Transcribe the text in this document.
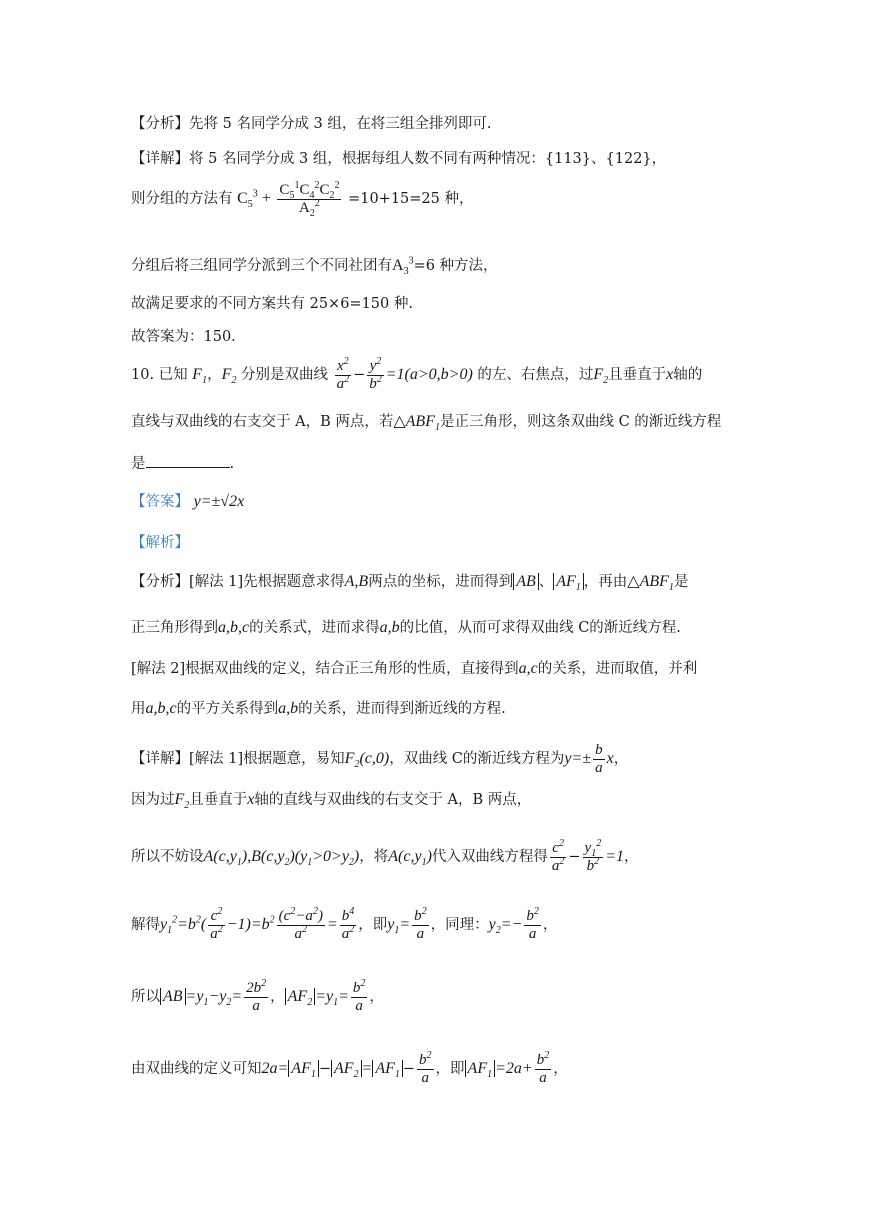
【分析】先将 5 名同学分成 3 组，在将三组全排列即可.
【详解】将 5 名同学分成 3 组，根据每组人数不同有两种情况：{113}、{122}，
则分组的方法有 $C_5^3 + \frac{C_5^1C_4^2C_2^2}{A_2^2} =10+15=25$ 种，
分组后将三组同学分派到三个不同社团有$A_3^3=6$ 种方法，
故满足要求的不同方案共有 25×6=150 种.
故答案为：150.
10. 已知 $F_1$，$F_2$ 分别是双曲线 $\frac{x^2}{a^2} - \frac{y^2}{b^2} =1(a>0,b>0)$ 的左、右焦点，过$F_2$且垂直于x轴的
直线与双曲线的右支交于 A，B 两点，若$\triangle ABF_1$是正三角形，则这条双曲线 C 的渐近线方程
是	.
【答案】 y=±√2x
【解析】
【分析】[解法 1]先根据题意求得A,B两点的坐标，进而得到 AB 、 $AF_1$ ，再由$\triangle ABF_1$是
正三角形得到a,b,c的关系式，进而求得a,b的比值，从而可求得双曲线 C的渐近线方程.
[解法 2]根据双曲线的定义，结合正三角形的性质，直接得到a,c的关系，进而取值，并利
用a,b,c的平方关系得到a,b的关系，进而得到渐近线的方程.
【详解】[解法 1]根据题意，易知$F_2(c,0)$，双曲线 C的渐近线方程为$y=\pm \frac{b}{a}$ x，
因为过$F_2$且垂直于x轴的直线与双曲线的右支交于 A，B 两点，
所以不妨设$A(c,y_1),B(c,y_2)(y_1>0>y_2)$，将$A(c,y_1)$代入双曲线方程得 $\frac{c^2}{a^2} - \frac{y_1^2}{b^2} =1$，
解得$y_1^2=b^2( \frac{c^2}{a^2} -1)=b^2 \frac{(c^2-a^2)}{a^2} = \frac{b^4}{a^2}$ ，即$y_1= \frac{b^2}{a}$ ，同理：$y_2=- \frac{b^2}{a}$ ，
所以 AB $=y_1-y_2= \frac{2b^2}{a}$ ， $AF_2 =y_1= \frac{b^2}{a}$ ，
由双曲线的定义可知$2a= AF_1 - AF_2 = AF_1 - \frac{b^2}{a}$ ，即 $AF_1 =2a+ \frac{b^2}{a}$ ，
